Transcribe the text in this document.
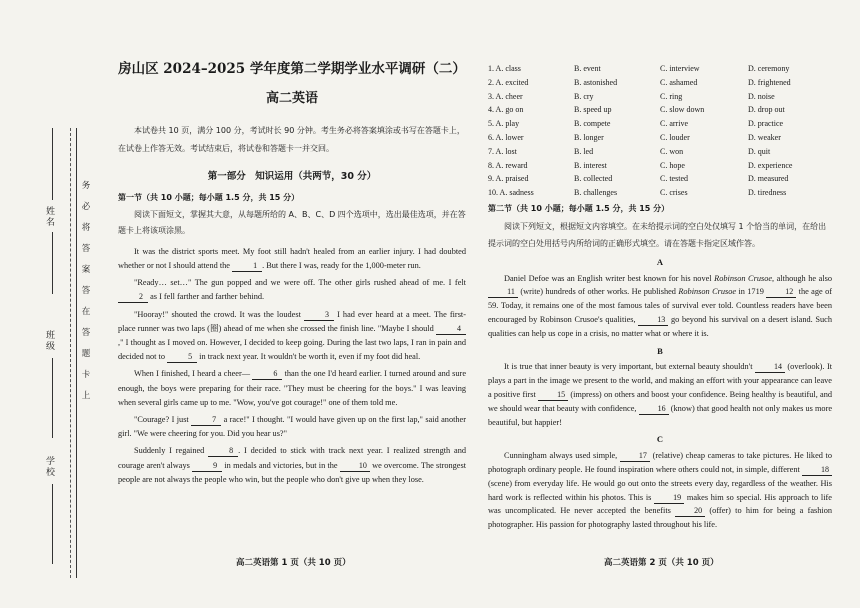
姓名
班级
学校
务
必
将
答
案
答
在
答
题
卡
上
房山区 2024–2025 学年度第二学期学业水平调研（二）
高二英语

本试卷共 10 页，满分 100 分，考试时长 90 分钟。考生务必将答案填涂或书写在答题卡上，在试卷上作答无效。考试结束后，将试卷和答题卡一并交回。

第一部分　知识运用（共两节，30 分）

第一节（共 10 小题；每小题 1.5 分，共 15 分）

阅读下面短文，掌握其大意，从每题所给的 A、B、C、D 四个选项中，选出最佳选项，并在答题卡上将该项涂黑。

It was the district sports meet. My foot still hadn't healed from an earlier injury. I had doubted whether or not I should attend the	1 . But there I was, ready for the 1,000-meter run.

"Ready… set…" The gun popped and we were off. The other girls rushed ahead of me. I felt 2 as I fell farther and farther behind.

"Hooray!" shouted the crowd. It was the loudest	3 I had ever heard at a meet. The first-place runner was two laps (圈) ahead of me when she crossed the finish line. "Maybe I should	4," I thought as I moved on. However, I decided to keep going. During the last two laps, I ran in pain and decided not to	5 in track next year. It wouldn't be worth it, even if my foot did heal.

When I finished, I heard a cheer—	6 than the one I'd heard earlier. I turned around and sure enough, the boys were preparing for their race. "They must be cheering for the boys." I was leaving when several girls came up to me. "Wow, you've got courage!" one of them told me.

"Courage? I just	7 a race!" I thought. "I would have given up on the first lap," said another girl. "We were cheering for you. Did you hear us?"

Suddenly I regained	8 . I decided to stick with track next year. I realized strength and courage aren't always	9 in medals and victories, but in the	10 we overcome. The strongest people are not always the people who win, but the people who don't give up when they lose.

高二英语第 1 页（共 10 页）
1. A. class	B. event	C. interview	D. ceremony
2. A. excited	B. astonished	C. ashamed	D. frightened
3. A. cheer	B. cry	C. ring	D. noise
4. A. go on	B. speed up	C. slow down	D. drop out
5. A. play	B. compete	C. arrive	D. practice
6. A. lower	B. longer	C. louder	D. weaker
7. A. lost	B. led	C. won	D. quit
8. A. reward	B. interest	C. hope	D. experience
9. A. praised	B. collected	C. tested	D. measured
10. A. sadness	B. challenges	C. crises	D. tiredness

第二节（共 10 小题；每小题 1.5 分，共 15 分）

阅读下列短文，根据短文内容填空。在未给提示词的空白处仅填写 1 个恰当的单词，在给出提示词的空白处用括号内所给词的正确形式填空。请在答题卡指定区域作答。

A

Daniel Defoe was an English writer best known for his novel Robinson Crusoe, although he also 11 (write) hundreds of other works. He published Robinson Crusoe in 1719	12 the age of 59. Today, it remains one of the most famous tales of survival ever told. Countless readers have been encouraged by Robinson Crusoe's qualities,	13 go beyond his survival on a desert island. Such qualities can help us cope in a crisis, no matter what or where it is.

B

It is true that inner beauty is very important, but external beauty shouldn't	14 (overlook). It plays a part in the image we present to the world, and making an effort with your appearance can leave a positive first	15 (impress) on others and boost your confidence. Being healthy is beautiful, and we should wear that beauty with confidence,	16 (know) that good health not only makes us more beautiful, but happier!

C

Cunningham always used simple,	17 (relative) cheap cameras to take pictures. He liked to photograph ordinary people. He found inspiration where others could not, in simple, different	18 (scene) from everyday life. He would go out onto the streets every day, regardless of the weather. His hard work is reflected within his photos. This is	19 makes him so special. His approach to life was uncomplicated. He never accepted the benefits	20 (offer) to him for being a fashion photographer. His passion for photography lasted throughout his life.

高二英语第 2 页（共 10 页）
